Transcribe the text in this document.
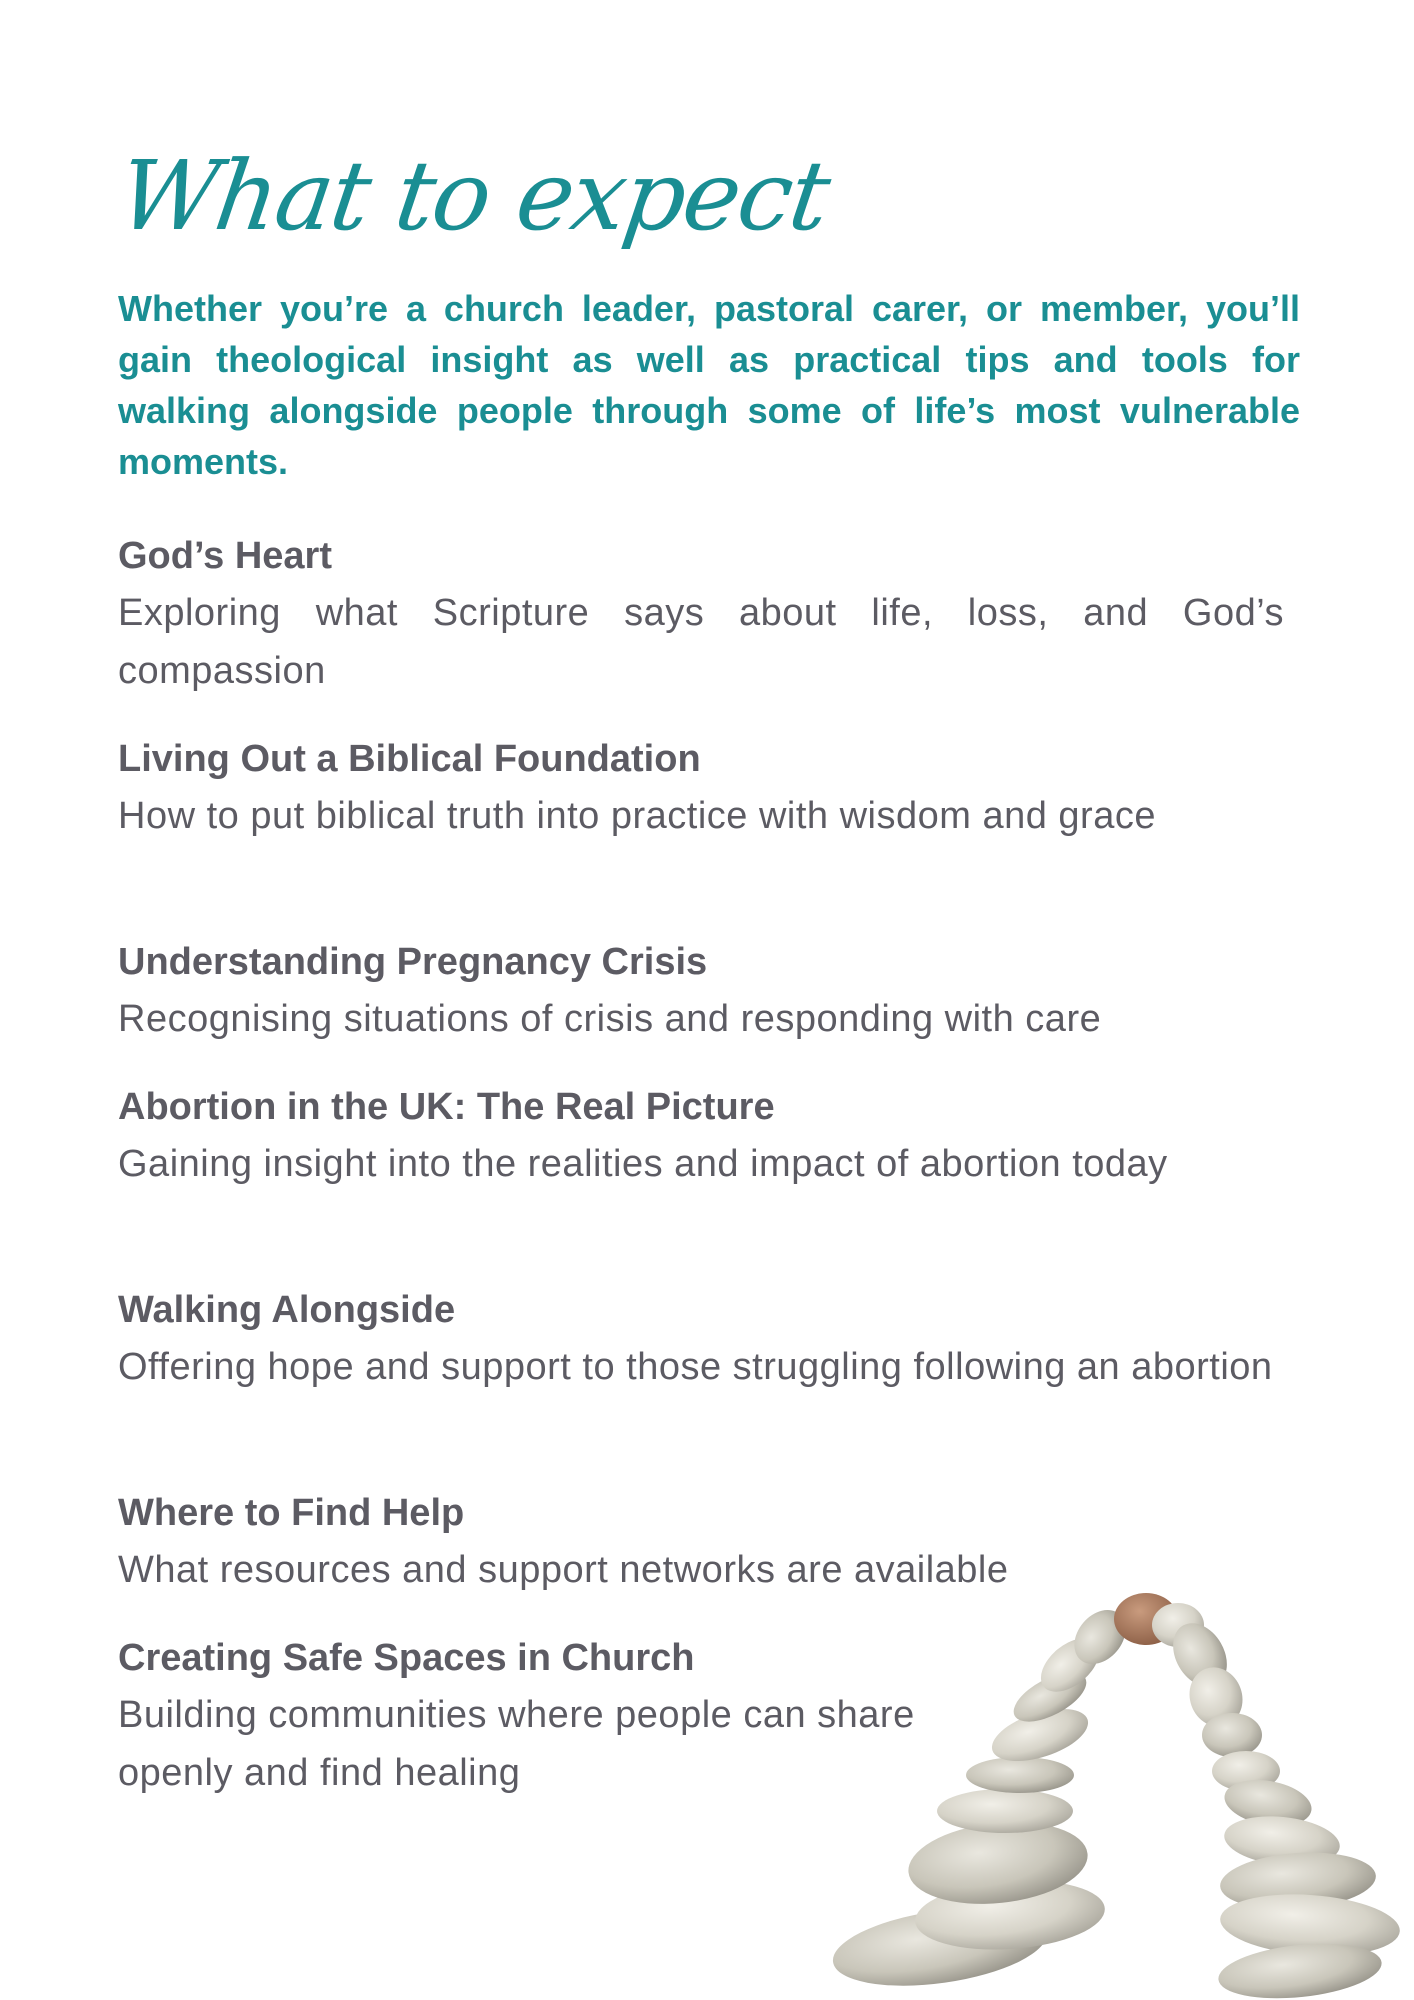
What to expect

Whether you’re a church leader, pastoral carer, or member, you’ll gain theological insight as well as practical tips and tools for walking alongside people through some of life’s most vulnerable moments.

God’s Heart

Exploring what Scripture says about life, loss, and God’s compassion

Living Out a Biblical Foundation

How to put biblical truth into practice with wisdom and grace

Understanding Pregnancy Crisis

Recognising situations of crisis and responding with care

Abortion in the UK: The Real Picture

Gaining insight into the realities and impact of abortion today

Walking Alongside

Offering hope and support to those struggling following an abortion

Where to Find Help

What resources and support networks are available

Creating Safe Spaces in Church

Building communities where people can share openly and find healing
